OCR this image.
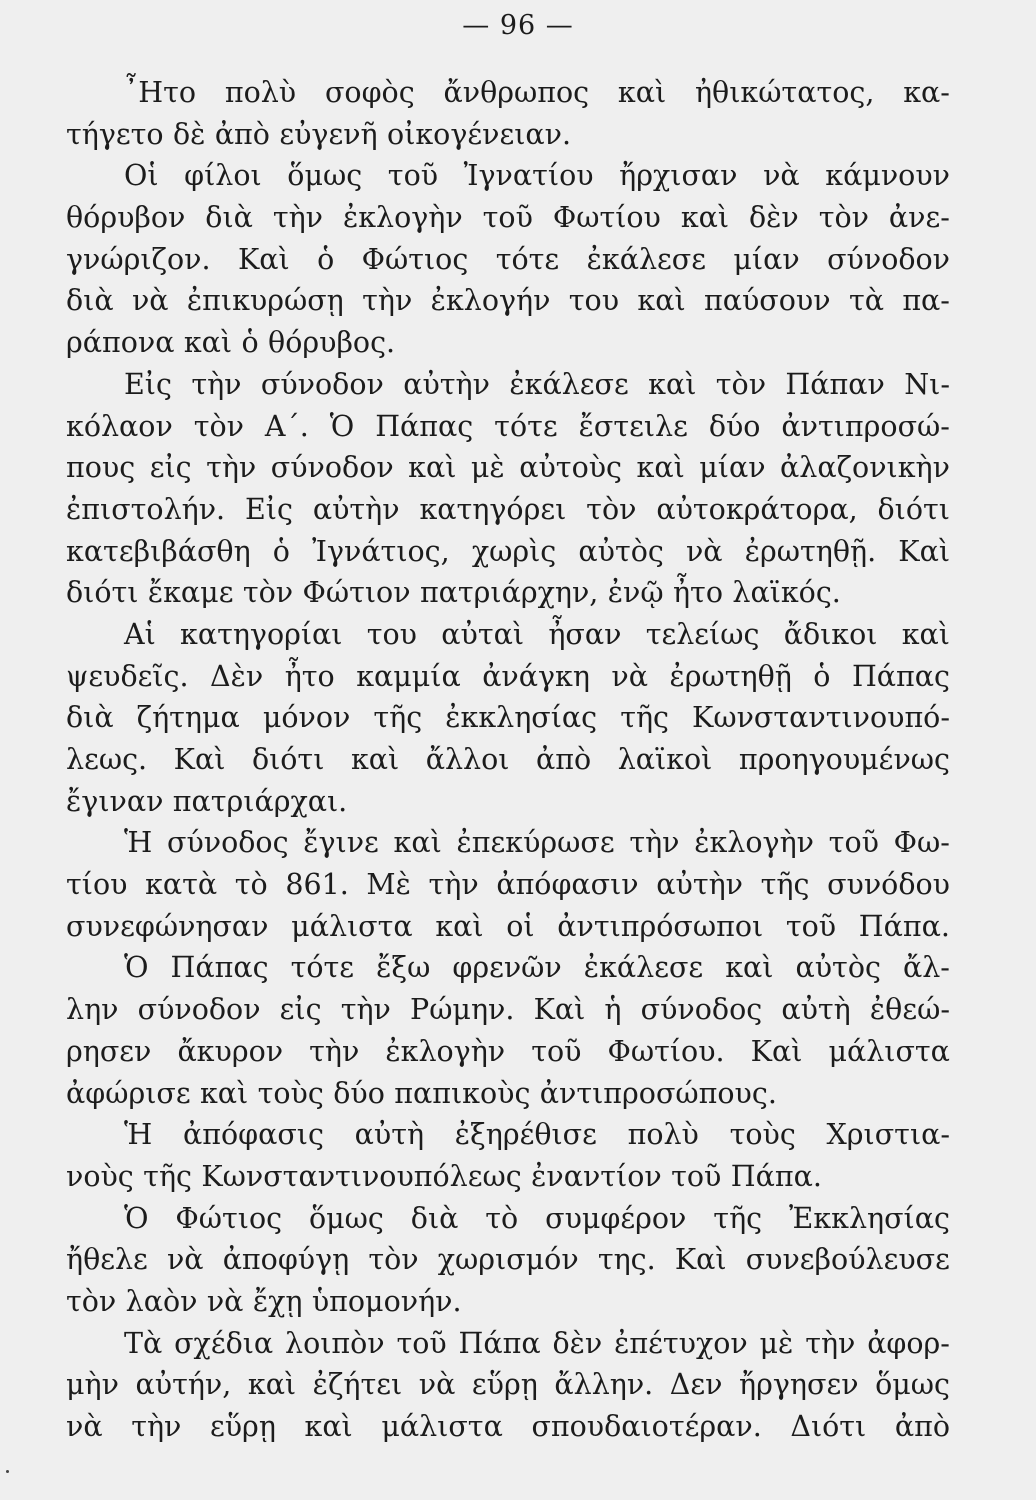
— 96 —
῏Ητο πολὺ σοφὸς ἄνθρωπος καὶ ἠθικώτατος, κα-
τήγετο δὲ ἀπὸ εὐγενῆ οἰκογένειαν.
Οἱ φίλοι ὅμως τοῦ Ἰγνατίου ἤρχισαν νὰ κάμνουν
θόρυβον διὰ τὴν ἐκλογὴν τοῦ Φωτίου καὶ δὲν τὸν ἀνε-
γνώριζον. Καὶ ὁ Φώτιος τότε ἐκάλεσε μίαν σύνοδον
διὰ νὰ ἐπικυρώσῃ τὴν ἐκλογήν του καὶ παύσουν τὰ πα-
ράπονα καὶ ὁ θόρυβος.
Εἰς τὴν σύνοδον αὐτὴν ἐκάλεσε καὶ τὸν Πάπαν Νι-
κόλαον τὸν Α΄. Ὁ Πάπας τότε ἔστειλε δύο ἀντιπροσώ-
πους εἰς τὴν σύνοδον καὶ μὲ αὐτοὺς καὶ μίαν ἀλαζονικὴν
ἐπιστολήν. Εἰς αὐτὴν κατηγόρει τὸν αὐτοκράτορα, διότι
κατεβιβάσθη ὁ Ἰγνάτιος, χωρὶς αὐτὸς νὰ ἐρωτηθῇ. Καὶ
διότι ἔκαμε τὸν Φώτιον πατριάρχην, ἐνῷ ἦτο λαϊκός.
Αἱ κατηγορίαι του αὐταὶ ἦσαν τελείως ἄδικοι καὶ
ψευδεῖς. Δὲν ἦτο καμμία ἀνάγκη νὰ ἐρωτηθῇ ὁ Πάπας
διὰ ζήτημα μόνον τῆς ἐκκλησίας τῆς Κωνσταντινουπό-
λεως. Καὶ διότι καὶ ἄλλοι ἀπὸ λαϊκοὶ προηγουμένως
ἔγιναν πατριάρχαι.
Ἡ σύνοδος ἔγινε καὶ ἐπεκύρωσε τὴν ἐκλογὴν τοῦ Φω-
τίου κατὰ τὸ 861. Μὲ τὴν ἀπόφασιν αὐτὴν τῆς συνόδου
συνεφώνησαν μάλιστα καὶ οἱ ἀντιπρόσωποι τοῦ Πάπα.
Ὁ Πάπας τότε ἔξω φρενῶν ἐκάλεσε καὶ αὐτὸς ἄλ-
λην σύνοδον εἰς τὴν Ρώμην. Καὶ ἡ σύνοδος αὐτὴ ἐθεώ-
ρησεν ἄκυρον τὴν ἐκλογὴν τοῦ Φωτίου. Καὶ μάλιστα
ἀφώρισε καὶ τοὺς δύο παπικοὺς ἀντιπροσώπους.
Ἡ ἀπόφασις αὐτὴ ἐξηρέθισε πολὺ τοὺς Χριστια-
νοὺς τῆς Κωνσταντινουπόλεως ἐναντίον τοῦ Πάπα.
Ὁ Φώτιος ὅμως διὰ τὸ συμφέρον τῆς Ἐκκλησίας
ἤθελε νὰ ἀποφύγῃ τὸν χωρισμόν της. Καὶ συνεβούλευσε
τὸν λαὸν νὰ ἔχῃ ὑπομονήν.
Τὰ σχέδια λοιπὸν τοῦ Πάπα δὲν ἐπέτυχον μὲ τὴν ἀφορ-
μὴν αὐτήν, καὶ ἐζήτει νὰ εὕρῃ ἄλλην. Δεν ἤργησεν ὅμως
νὰ τὴν εὕρῃ καὶ μάλιστα σπουδαιοτέραν. Διότι ἀπὸ
